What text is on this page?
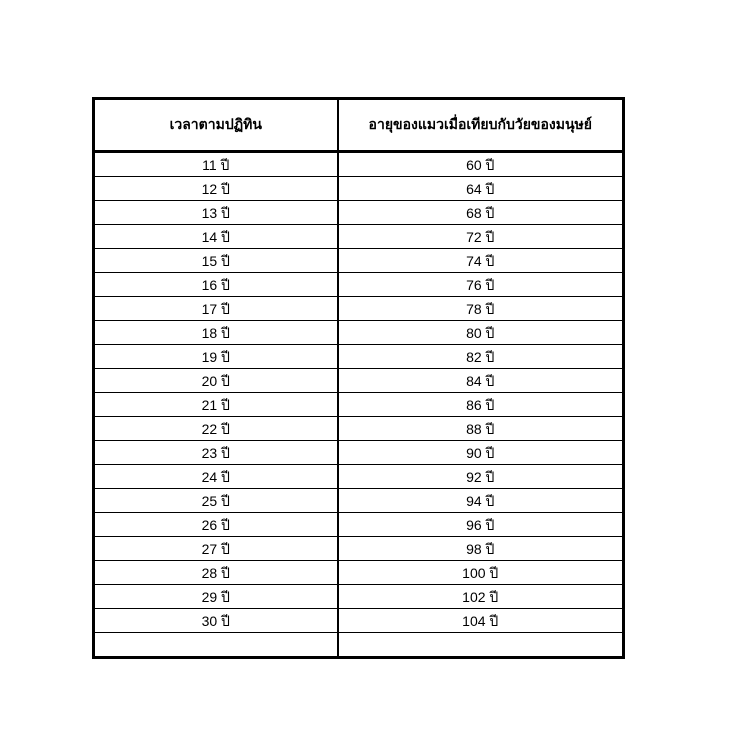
เวลาตามปฏิทิน	อายุของแมวเมื่อเทียบกับวัยของมนุษย์
11 ปี	60 ปี
12 ปี	64 ปี
13 ปี	68 ปี
14 ปี	72 ปี
15 ปี	74 ปี
16 ปี	76 ปี
17 ปี	78 ปี
18 ปี	80 ปี
19 ปี	82 ปี
20 ปี	84 ปี
21 ปี	86 ปี
22 ปี	88 ปี
23 ปี	90 ปี
24 ปี	92 ปี
25 ปี	94 ปี
26 ปี	96 ปี
27 ปี	98 ปี
28 ปี	100 ปี
29 ปี	102 ปี
30 ปี	104 ปี
